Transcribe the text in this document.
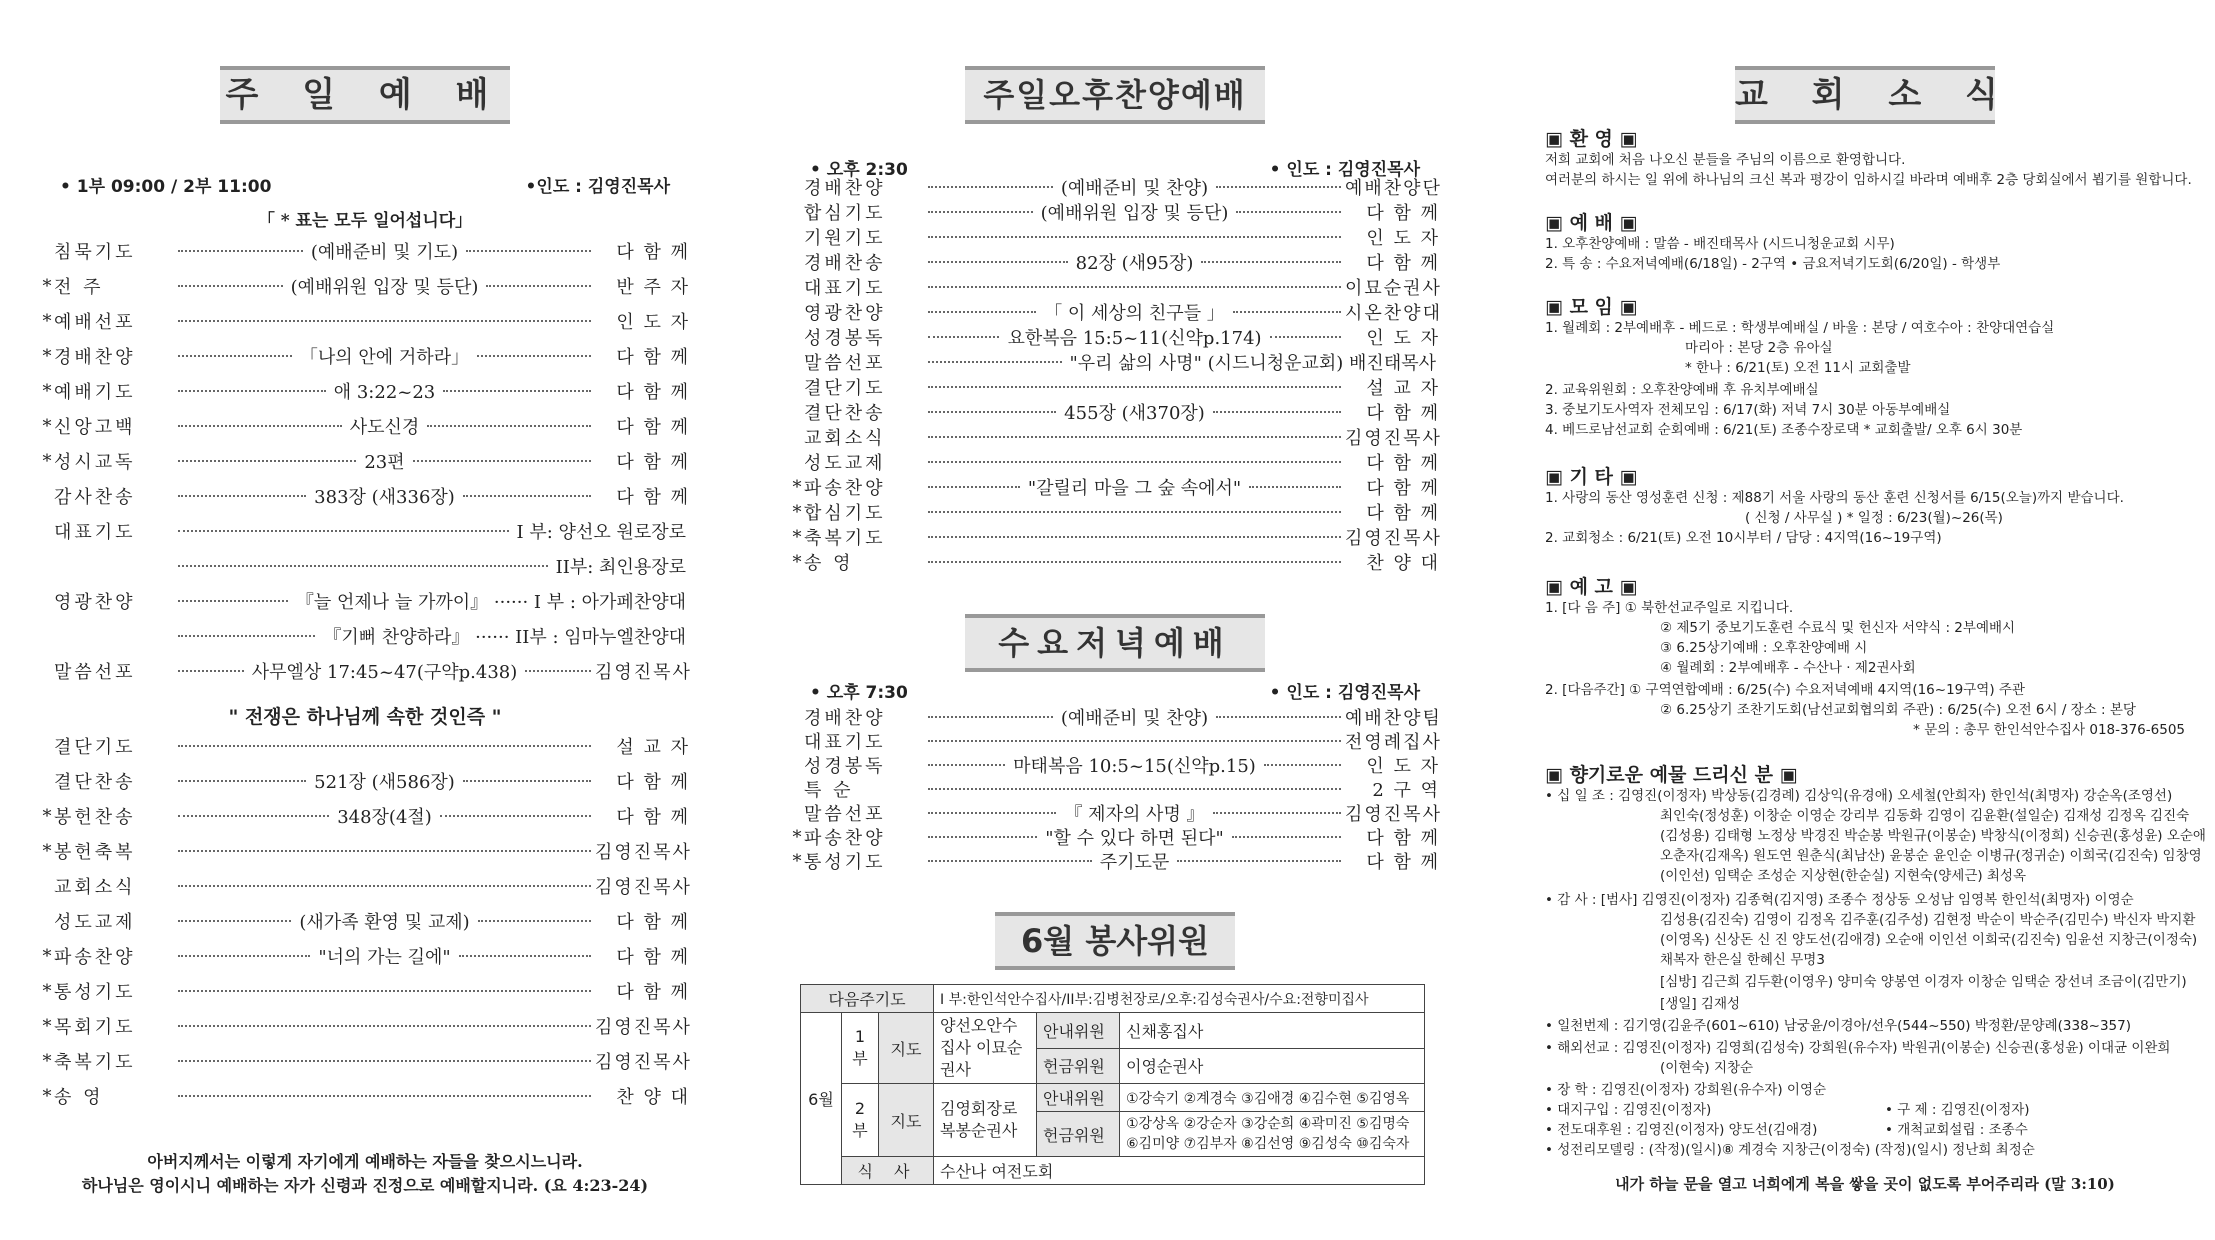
주 일 예 배
• 1부 09:00 / 2부 11:00	•인도 : 김영진목사
「 * 표는 모두 일어섭니다」
침묵기도	(예배준비 및 기도)	다 함 께
* 전 주	(예배위원 입장 및 등단)	반 주 자
* 예배선포	인 도 자
* 경배찬양	「나의 안에 거하라」	다 함 께
* 예배기도	애 3:22~23	다 함 께
* 신앙고백	사도신경	다 함 께
* 성시교독	23편	다 함 께
감사찬송	383장 (새336장)	다 함 께
대표기도	I 부: 양선오 원로장로
II부: 최인용장로
영광찬양	『늘 언제나 늘 가까이』 ······ I 부 : 아가페찬양대
『기뻐 찬양하라』 ······ II부 : 임마누엘찬양대
말씀선포	사무엘상 17:45~47(구약p.438)	김영진목사
결단기도	설 교 자
결단찬송	521장 (새586장)	다 함 께
* 봉헌찬송	348장(4절)	다 함 께
* 봉헌축복	김영진목사
교회소식	김영진목사
성도교제	(새가족 환영 및 교제)	다 함 께
* 파송찬양	"너의 가는 길에"	다 함 께
* 통성기도	다 함 께
* 목회기도	김영진목사
* 축복기도	김영진목사
* 송 영	찬 양 대
" 전쟁은 하나님께 속한 것인즉 "
아버지께서는 이렇게 자기에게 예배하는 자들을 찾으시느니라.
하나님은 영이시니 예배하는 자가 신령과 진정으로 예배할지니라. (요 4:23-24)
주일오후찬양예배
• 오후 2:30	• 인도 : 김영진목사
경배찬양	(예배준비 및 찬양)	예배찬양단
합심기도	(예배위원 입장 및 등단)	다 함 께
기원기도	인 도 자
경배찬송	82장 (새95장)	다 함 께
대표기도	이묘순권사
영광찬양	「 이 세상의 친구들 」	시온찬양대
성경봉독	요한복음 15:5~11(신약p.174)	인 도 자
말씀선포	"우리 삶의 사명" (시드니청운교회) 배진태목사
결단기도	설 교 자
결단찬송	455장 (새370장)	다 함 께
교회소식	김영진목사
성도교제	다 함 께
* 파송찬양	"갈릴리 마을 그 숲 속에서"	다 함 께
* 합심기도	다 함 께
* 축복기도	김영진목사
* 송 영	찬 양 대
수요저녁예배
• 오후 7:30	• 인도 : 김영진목사
경배찬양	(예배준비 및 찬양)	예배찬양팀
대표기도	전영례집사
성경봉독	마태복음 10:5~15(신약p.15)	인 도 자
특 순	2 구 역
말씀선포	『 제자의 사명 』	김영진목사
* 파송찬양	"할 수 있다 하면 된다"	다 함 께
* 통성기도	주기도문	다 함 께
6월 봉사위원
다음주기도			I 부:한인석안수집사/II부:김병천장로/오후:김성숙권사/수요:전향미집사		
6월	1부	지도	양선오안수집사 이묘순권사	안내위원	신채홍집사
				헌금위원	이영순권사
	2부	지도	김영회장로 복봉순권사	안내위원	①강숙기 ②계경숙 ③김애경 ④김수현 ⑤김영옥
				헌금위원	①강상옥 ②강순자 ③강순희 ④곽미진 ⑤김명숙
⑥김미양 ⑦김부자 ⑧김선영 ⑨김성숙 ⑩김숙자

	식 사		수산나 여전도회		
교 회 소 식
▣ 환 영 ▣
저희 교회에 처음 나오신 분들을 주님의 이름으로 환영합니다.
여러분의 하시는 일 위에 하나님의 크신 복과 평강이 임하시길 바라며 예배후 2층 당회실에서 뵙기를 원합니다.
▣ 예 배 ▣
1. 오후찬양예배 : 말씀 - 배진태목사 (시드니청운교회 시무)
2. 특 송 : 수요저녁예배(6/18일) - 2구역 • 금요저녁기도회(6/20일) - 학생부
▣ 모 임 ▣
1. 월례회 : 2부예배후 - 베드로 : 학생부예배실 / 바울 : 본당 / 여호수아 : 찬양대연습실
마리아 : 본당 2층 유아실
* 한나 : 6/21(토) 오전 11시 교회출발
2. 교육위원회 : 오후찬양예배 후 유치부예배실
3. 중보기도사역자 전체모임 : 6/17(화) 저녁 7시 30분 아동부예배실
4. 베드로남선교회 순회예배 : 6/21(토) 조종수장로댁 * 교회출발/ 오후 6시 30분
▣ 기 타 ▣
1. 사랑의 동산 영성훈련 신청 : 제88기 서울 사랑의 동산 훈련 신청서를 6/15(오늘)까지 받습니다.
( 신청 / 사무실 ) * 일정 : 6/23(월)~26(목)
2. 교회청소 : 6/21(토) 오전 10시부터 / 담당 : 4지역(16~19구역)
▣ 예 고 ▣
1. [다 음 주] ① 북한선교주일로 지킵니다.
② 제5기 중보기도훈련 수료식 및 헌신자 서약식 : 2부예배시
③ 6.25상기예배 : 오후찬양예배 시
④ 월례회 : 2부예배후 - 수산나 · 제2권사회
2. [다음주간] ① 구역연합예배 : 6/25(수) 수요저녁예배 4지역(16~19구역) 주관
② 6.25상기 조찬기도회(남선교회협의회 주관) : 6/25(수) 오전 6시 / 장소 : 본당
* 문의 : 총무 한인석안수집사 018-376-6505
▣ 향기로운 예물 드리신 분 ▣
• 십 일 조 : 김영진(이정자) 박상동(김경례) 김상익(유경애) 오세철(안희자) 한인석(최명자) 강순옥(조영선)
최인숙(정성훈) 이창순 이영순 강리부 김동화 김영이 김윤환(설일순) 김재성 김정옥 김진숙
(김성용) 김태형 노정상 박경진 박순봉 박원규(이봉순) 박창식(이정희) 신승권(홍성윤) 오순애
오춘자(김재옥) 원도연 원춘식(최남산) 윤봉순 윤인순 이병규(정귀순) 이희국(김진숙) 임창영
(이인선) 임택순 조성순 지상현(한순실) 지현숙(양세근) 최성옥
• 감 사 : [범사] 김영진(이정자) 김종혁(김지영) 조종수 정상동 오성남 임영복 한인석(최명자) 이영순
김성용(김진숙) 김영이 김정옥 김주훈(김주성) 김현정 박순이 박순주(김민수) 박신자 박지환
(이영옥) 신상돈 신 진 양도선(김애경) 오순애 이인선 이희국(김진숙) 임윤선 지창근(이정숙)
채복자 한은실 한혜신 무명3
[심방] 김근희 김두환(이영우) 양미숙 양봉연 이경자 이창순 임택순 장선녀 조금이(김만기)
[생일] 김재성
• 일천번제 : 김기영(김윤주(601~610) 남궁윤/이경아/선우(544~550) 박정환/문양례(338~357)
• 해외선교 : 김영진(이정자) 김영희(김성숙) 강희원(유수자) 박원귀(이봉순) 신승권(홍성윤) 이대균 이완희
(이현숙) 지창순
• 장 학 : 김영진(이정자) 강희원(유수자) 이영순
• 대지구입 : 김영진(이정자)	• 구 제 : 김영진(이정자)
• 전도대후원 : 김영진(이정자) 양도선(김애경)	• 개척교회설립 : 조종수
• 성전리모델링 : (작정)(일시)⑧ 계경숙 지창근(이정숙) (작정)(일시) 정난희 최정순
내가 하늘 문을 열고 너희에게 복을 쌓을 곳이 없도록 부어주리라 (말 3:10)
